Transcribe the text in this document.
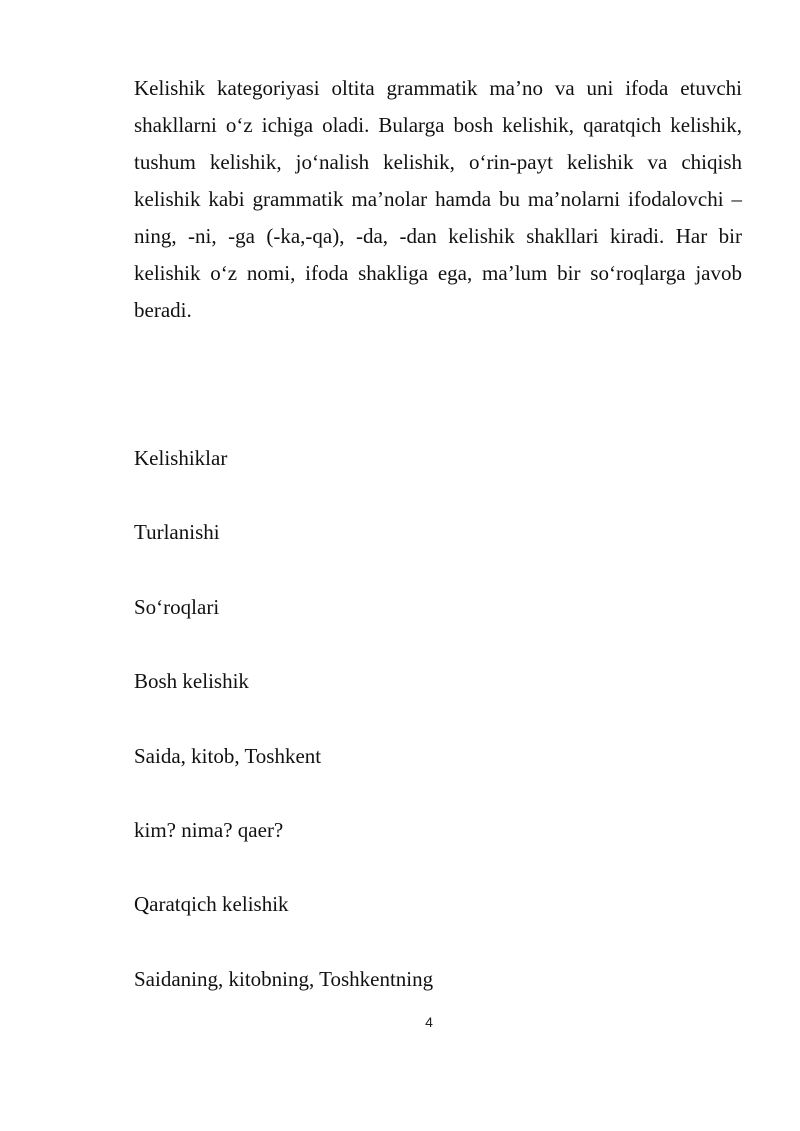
Kelishik kategoriyasi oltita grammatik ma’no va uni ifoda etuvchi shakllarni o‘z ichiga oladi. Bularga bosh kelishik, qaratqich kelishik, tushum kelishik, jo‘nalish kelishik, o‘rin-payt kelishik va chiqish kelishik kabi grammatik ma’nolar hamda bu ma’nolarni ifodalovchi – ning, -ni, -ga (-ka,-qa), -da, -dan kelishik shakllari kiradi. Har bir kelishik o‘z nomi, ifoda shakliga ega, ma’lum bir so‘roqlarga javob beradi.

Kelishiklar
Turlanishi
So‘roqlari
Bosh kelishik
Saida, kitob, Toshkent
kim? nima? qaer?
Qaratqich kelishik
Saidaning, kitobning, Toshkentning
4
